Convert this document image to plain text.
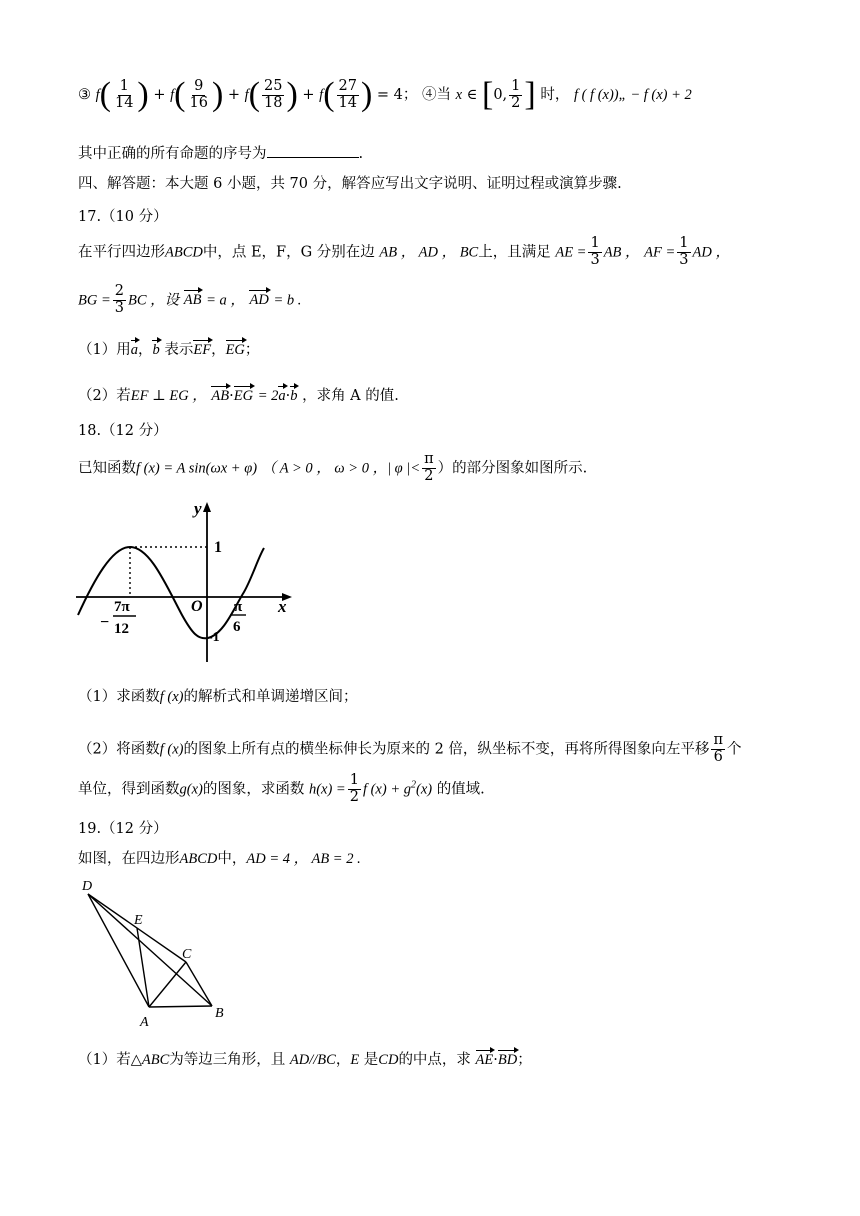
③ $f( \frac{1}{14}$ ) + $f( \frac{9}{16}$ ) + $f( \frac{25}{18}$ ) + $f( \frac{27}{14}$ ) = 4； ④当 x ∈ [0, $\frac{1}{2}$ ] 时， f ( f (x))„ − f (x) + 2
其中正确的所有命题的序号为	.
四、解答题：本大题 6 小题，共 70 分，解答应写出文字说明、证明过程或演算步骤.
17.（10 分）
在平行四边形ABCD中，点 E，F，G 分别在边 AB ， AD ， BC上，且满足 AE = $\frac{1}{3}$ AB ， AF = $\frac{1}{3}$ AD ，
BG = $\frac{2}{3}$ BC ，设 AB = a ， AD = b .
（1）用a，b 表示EF，EG；
（2）若EF ⊥ EG ， AB·EG = 2a·b ，求角 A 的值.
18.（12 分）
已知函数f (x) = A sin(ωx + φ) （ A > 0 ， ω > 0 ，| φ |< $\frac{\pi}{2}$ ）的部分图象如图所示.
y
x
O
1
-1
−
7π
12
π
6
（1）求函数f (x)的解析式和单调递增区间；
（2）将函数f (x)的图象上所有点的横坐标伸长为原来的 2 倍，纵坐标不变，再将所得图象向左平移 $\frac{\pi}{6}$ 个
单位，得到函数g(x)的图象，求函数 $h(x) = \frac{1}{2}$ f $(x) + g^2(x)$ 的值域.
19.（12 分）
如图，在四边形ABCD中，AD = 4 ， AB = 2 .
D
E
C
A
B
（1）若△ABC为等边三角形，且 AD//BC，E 是CD的中点，求 AE·BD；
